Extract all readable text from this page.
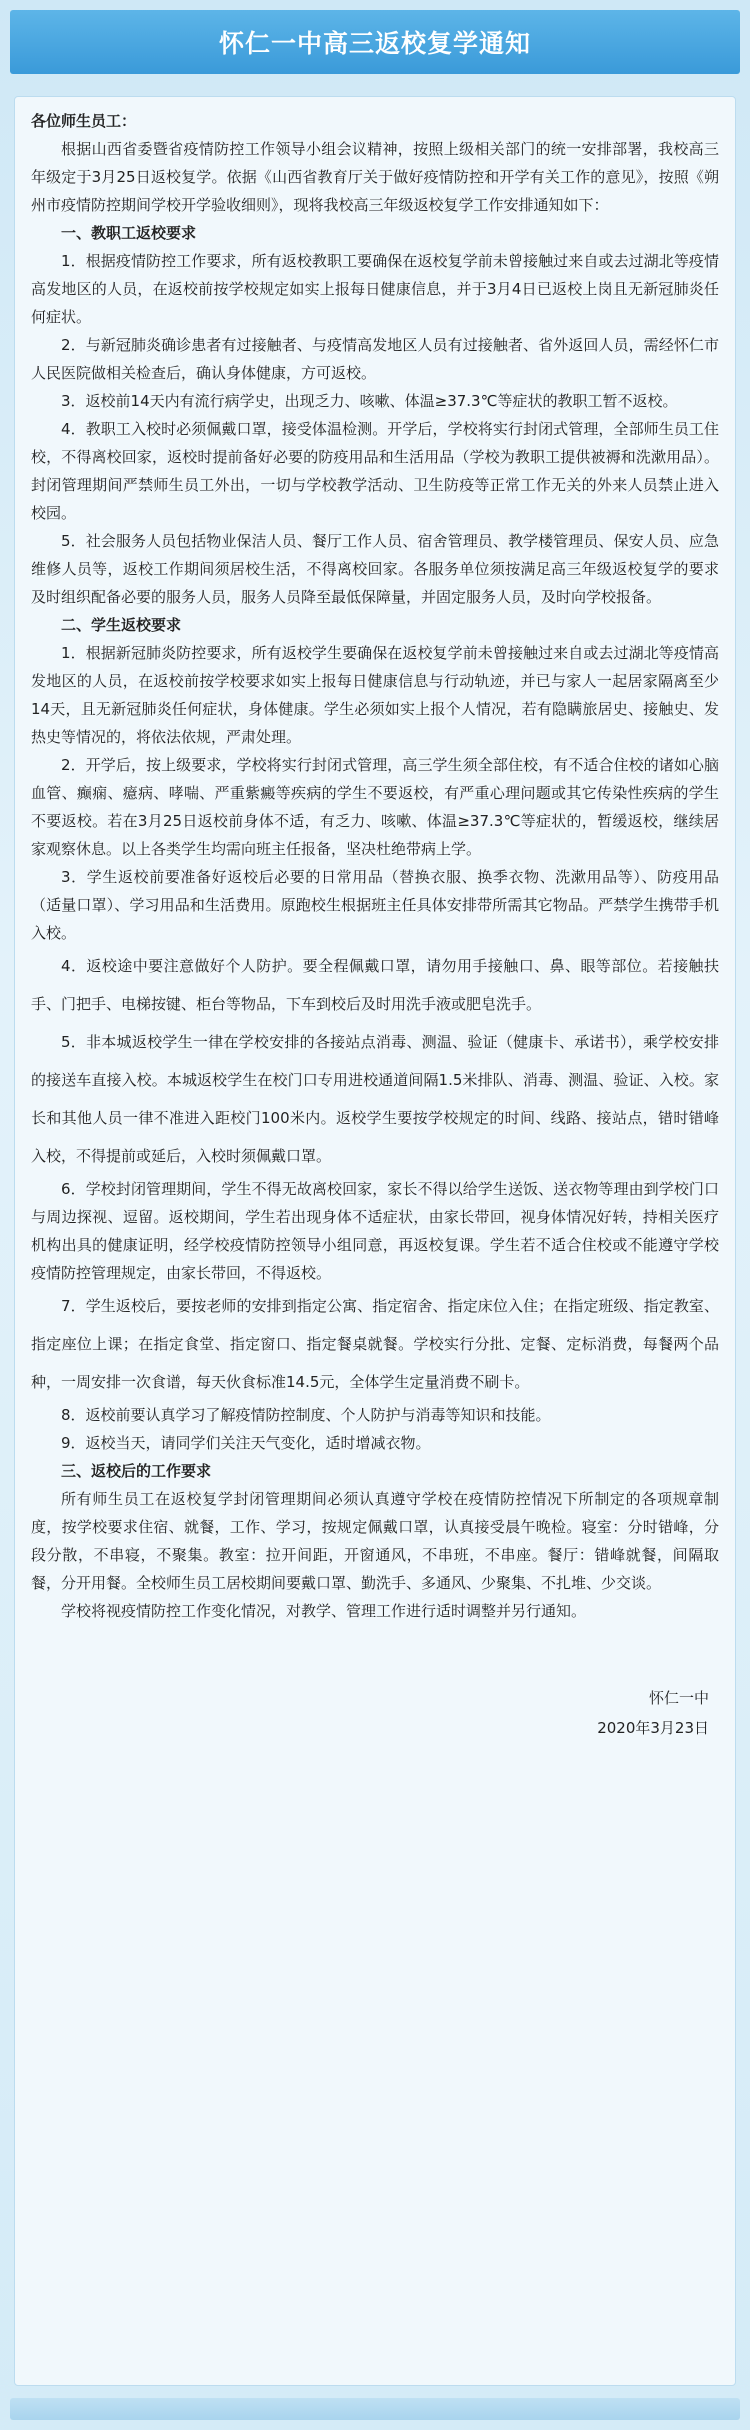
怀仁一中高三返校复学通知

各位师生员工：

根据山西省委暨省疫情防控工作领导小组会议精神，按照上级相关部门的统一安排部署，我校高三年级定于3月25日返校复学。依据《山西省教育厅关于做好疫情防控和开学有关工作的意见》，按照《朔州市疫情防控期间学校开学验收细则》，现将我校高三年级返校复学工作安排通知如下：

一、教职工返校要求

1．根据疫情防控工作要求，所有返校教职工要确保在返校复学前未曾接触过来自或去过湖北等疫情高发地区的人员，在返校前按学校规定如实上报每日健康信息，并于3月4日已返校上岗且无新冠肺炎任何症状。

2．与新冠肺炎确诊患者有过接触者、与疫情高发地区人员有过接触者、省外返回人员，需经怀仁市人民医院做相关检查后，确认身体健康，方可返校。

3．返校前14天内有流行病学史，出现乏力、咳嗽、体温≥37.3℃等症状的教职工暂不返校。

4．教职工入校时必须佩戴口罩，接受体温检测。开学后，学校将实行封闭式管理，全部师生员工住校，不得离校回家，返校时提前备好必要的防疫用品和生活用品（学校为教职工提供被褥和洗漱用品）。封闭管理期间严禁师生员工外出，一切与学校教学活动、卫生防疫等正常工作无关的外来人员禁止进入校园。

5．社会服务人员包括物业保洁人员、餐厅工作人员、宿舍管理员、教学楼管理员、保安人员、应急维修人员等，返校工作期间须居校生活，不得离校回家。各服务单位须按满足高三年级返校复学的要求及时组织配备必要的服务人员，服务人员降至最低保障量，并固定服务人员，及时向学校报备。

二、学生返校要求

1．根据新冠肺炎防控要求，所有返校学生要确保在返校复学前未曾接触过来自或去过湖北等疫情高发地区的人员，在返校前按学校要求如实上报每日健康信息与行动轨迹，并已与家人一起居家隔离至少14天，且无新冠肺炎任何症状，身体健康。学生必须如实上报个人情况，若有隐瞒旅居史、接触史、发热史等情况的，将依法依规，严肃处理。

2．开学后，按上级要求，学校将实行封闭式管理，高三学生须全部住校，有不适合住校的诸如心脑血管、癫痫、癔病、哮喘、严重紫癜等疾病的学生不要返校，有严重心理问题或其它传染性疾病的学生不要返校。若在3月25日返校前身体不适，有乏力、咳嗽、体温≥37.3℃等症状的，暂缓返校，继续居家观察休息。以上各类学生均需向班主任报备，坚决杜绝带病上学。

3．学生返校前要准备好返校后必要的日常用品（替换衣服、换季衣物、洗漱用品等）、防疫用品（适量口罩）、学习用品和生活费用。原跑校生根据班主任具体安排带所需其它物品。严禁学生携带手机入校。

4．返校途中要注意做好个人防护。要全程佩戴口罩，请勿用手接触口、鼻、眼等部位。若接触扶手、门把手、电梯按键、柜台等物品，下车到校后及时用洗手液或肥皂洗手。

5．非本城返校学生一律在学校安排的各接站点消毒、测温、验证（健康卡、承诺书），乘学校安排的接送车直接入校。本城返校学生在校门口专用进校通道间隔1.5米排队、消毒、测温、验证、入校。家长和其他人员一律不准进入距校门100米内。返校学生要按学校规定的时间、线路、接站点，错时错峰入校，不得提前或延后，入校时须佩戴口罩。

6．学校封闭管理期间，学生不得无故离校回家，家长不得以给学生送饭、送衣物等理由到学校门口与周边探视、逗留。返校期间，学生若出现身体不适症状，由家长带回，视身体情况好转，持相关医疗机构出具的健康证明，经学校疫情防控领导小组同意，再返校复课。学生若不适合住校或不能遵守学校疫情防控管理规定，由家长带回，不得返校。

7．学生返校后，要按老师的安排到指定公寓、指定宿舍、指定床位入住；在指定班级、指定教室、指定座位上课；在指定食堂、指定窗口、指定餐桌就餐。学校实行分批、定餐、定标消费，每餐两个品种，一周安排一次食谱，每天伙食标准14.5元，全体学生定量消费不刷卡。

8．返校前要认真学习了解疫情防控制度、个人防护与消毒等知识和技能。

9．返校当天，请同学们关注天气变化，适时增减衣物。

三、返校后的工作要求

所有师生员工在返校复学封闭管理期间必须认真遵守学校在疫情防控情况下所制定的各项规章制度，按学校要求住宿、就餐，工作、学习，按规定佩戴口罩，认真接受晨午晚检。寝室：分时错峰，分段分散，不串寝，不聚集。教室：拉开间距，开窗通风，不串班，不串座。餐厅：错峰就餐，间隔取餐，分开用餐。全校师生员工居校期间要戴口罩、勤洗手、多通风、少聚集、不扎堆、少交谈。

学校将视疫情防控工作变化情况，对教学、管理工作进行适时调整并另行通知。

怀仁一中
2020年3月23日
